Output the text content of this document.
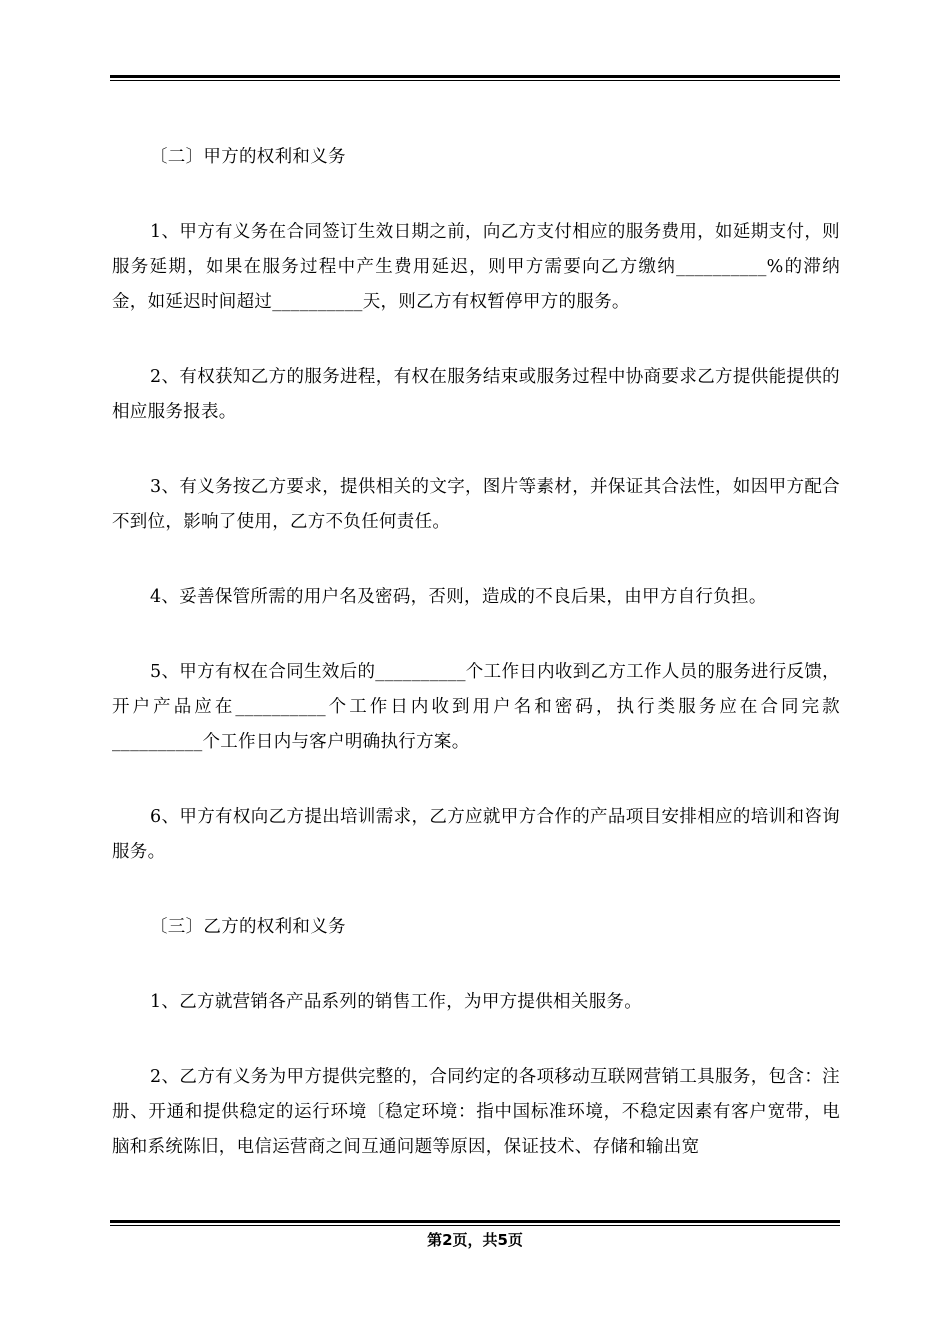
〔二〕甲方的权利和义务

1、甲方有义务在合同签订生效日期之前，向乙方支付相应的服务费用，如延期支付，则服务延期，如果在服务过程中产生费用延迟，则甲方需要向乙方缴纳__________%的滞纳金，如延迟时间超过__________天，则乙方有权暂停甲方的服务。

2、有权获知乙方的服务进程，有权在服务结束或服务过程中协商要求乙方提供能提供的相应服务报表。

3、有义务按乙方要求，提供相关的文字，图片等素材，并保证其合法性，如因甲方配合不到位，影响了使用，乙方不负任何责任。

4、妥善保管所需的用户名及密码，否则，造成的不良后果，由甲方自行负担。

5、甲方有权在合同生效后的__________个工作日内收到乙方工作人员的服务进行反馈，开户产品应在__________个工作日内收到用户名和密码，执行类服务应在合同完款__________个工作日内与客户明确执行方案。

6、甲方有权向乙方提出培训需求，乙方应就甲方合作的产品项目安排相应的培训和咨询服务。

〔三〕乙方的权利和义务

1、乙方就营销各产品系列的销售工作，为甲方提供相关服务。

2、乙方有义务为甲方提供完整的，合同约定的各项移动互联网营销工具服务，包含：注册、开通和提供稳定的运行环境〔稳定环境：指中国标准环境，不稳定因素有客户宽带，电脑和系统陈旧，电信运营商之间互通问题等原因，保证技术、存储和输出宽

第2页，共5页
